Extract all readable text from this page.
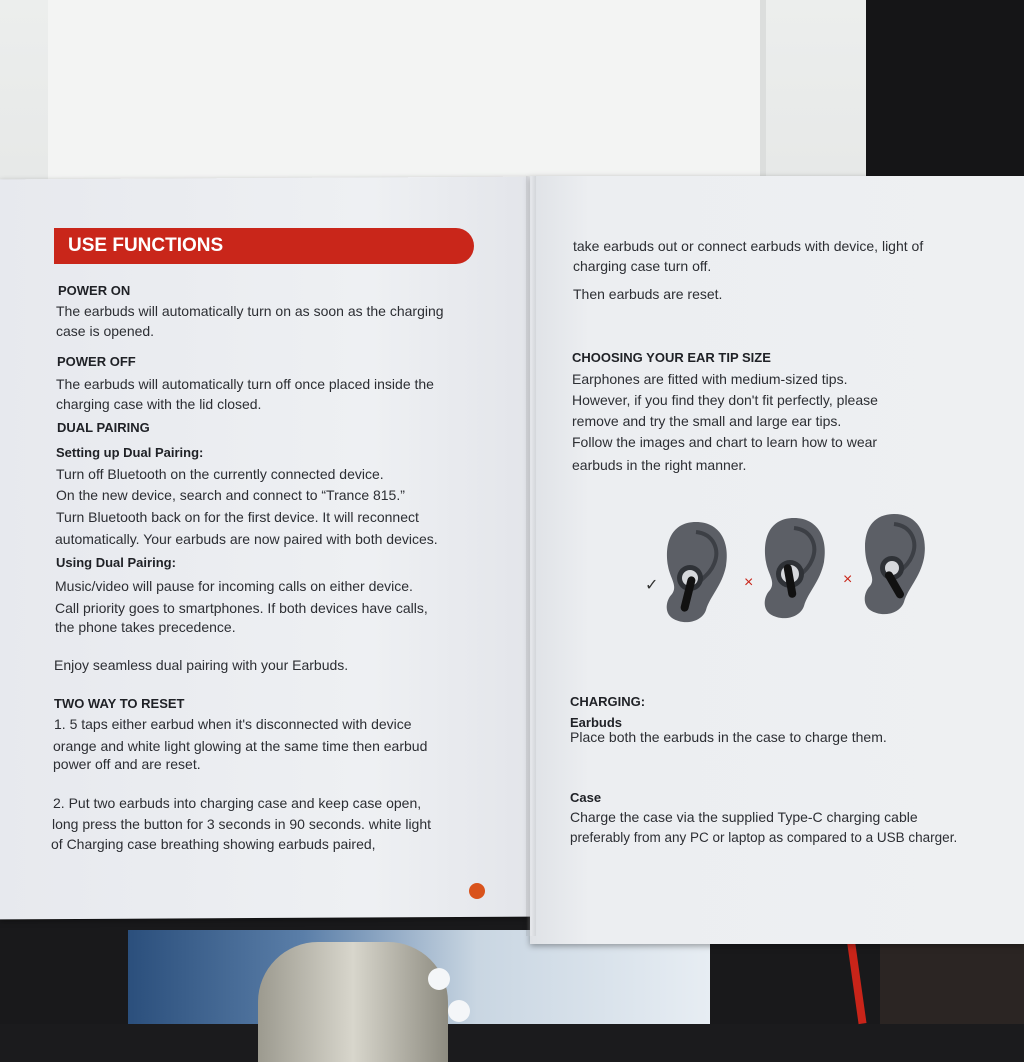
USE FUNCTIONS
POWER ON
The earbuds will automatically turn on as soon as the charging
case is opened.
POWER OFF
The earbuds will automatically turn off once placed inside the
charging case with the lid closed.
DUAL PAIRING
Setting up Dual Pairing:
Turn off Bluetooth on the currently connected device.
On the new device, search and connect to “Trance 815.”
Turn Bluetooth back on for the first device. It will reconnect
automatically. Your earbuds are now paired with both devices.
Using Dual Pairing:
Music/video will pause for incoming calls on either device.
Call priority goes to smartphones. If both devices have calls,
the phone takes precedence.
Enjoy seamless dual pairing with your Earbuds.
TWO WAY TO RESET
1. 5 taps either earbud when it's disconnected with device
orange and white light glowing at the same time then earbud
power off and are reset.
2. Put two earbuds into charging case and keep case open,
long press the button for 3 seconds in 90 seconds. white light
of Charging case breathing showing earbuds paired,
take earbuds out or connect earbuds with device, light of
charging case turn off.
Then earbuds are reset.
CHOOSING YOUR EAR TIP SIZE
Earphones are fitted with medium-sized tips.
However, if you find they don't fit perfectly, please
remove and try the small and large ear tips.
Follow the images and chart to learn how to wear
earbuds in the right manner.
✓	×	×
CHARGING:
Earbuds
Place both the earbuds in the case to charge them.
Case
Charge the case via the supplied Type-C charging cable
preferably from any PC or laptop as compared to a USB charger.
